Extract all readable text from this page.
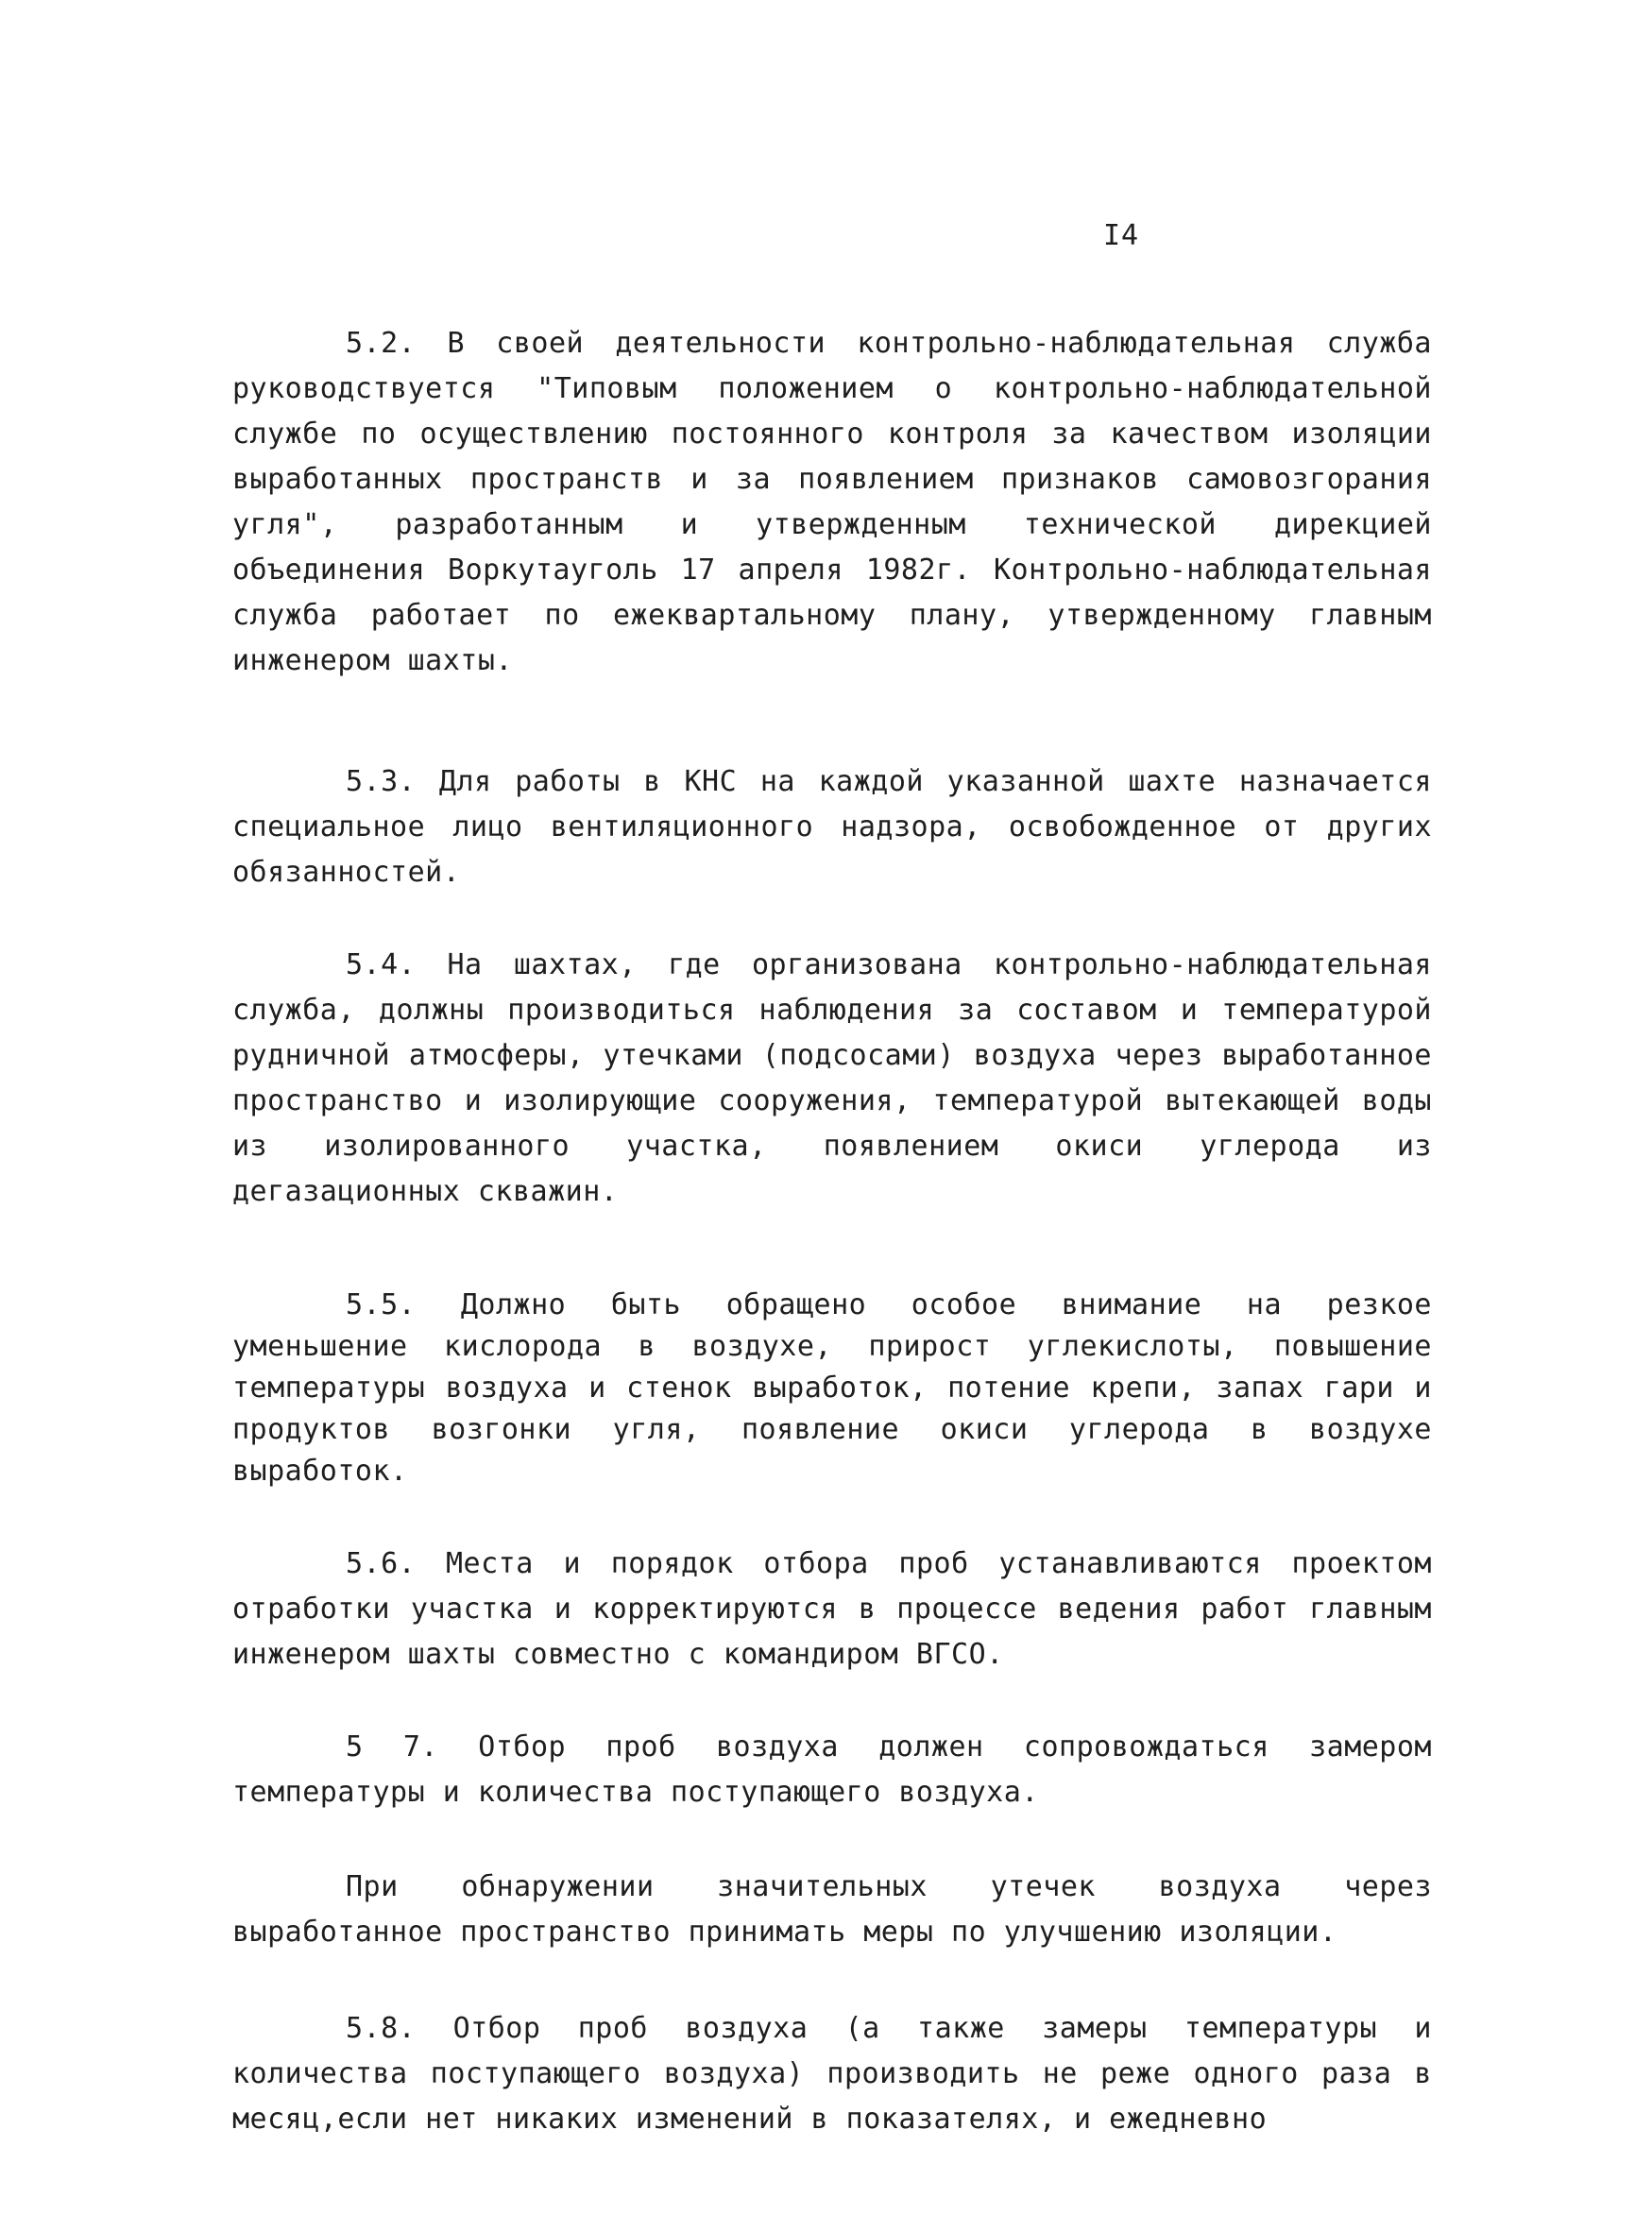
I4

5.2. В своей деятельности контрольно-наблюдательная служба руководствуется "Типовым положением о контрольно-наблюдательной службе по осуществлению постоянного контроля за качеством изоляции выработанных пространств и за появлением признаков самовозгорания угля", разработанным и утвержденным технической дирекцией объединения Воркутауголь 17 апреля 1982г. Контрольно-наблюдательная служба работает по ежеквартальному плану, утвержденному главным инженером шахты.

5.3. Для работы в КНС на каждой указанной шахте назначается специальное лицо вентиляционного надзора, освобожденное от других обязанностей.

5.4. На шахтах, где организована контрольно-наблюдательная служба, должны производиться наблюдения за составом и температурой рудничной атмосферы, утечками (подсосами) воздуха через выработанное пространство и изолирующие сооружения, температурой вытекающей воды из изолированного участка, появлением окиси углерода из дегазационных скважин.

5.5. Должно быть обращено особое внимание на резкое уменьшение кислорода в воздухе, прирост углекислоты, повышение температуры воздуха и стенок выработок, потение крепи, запах гари и продуктов возгонки угля, появление окиси углерода в воздухе выработок.

5.6. Места и порядок отбора проб устанавливаются проектом отработки участка и корректируются в процессе ведения работ главным инженером шахты совместно с командиром ВГСО.

5 7. Отбор проб воздуха должен сопровождаться замером температуры и количества поступающего воздуха.

При обнаружении значительных утечек воздуха через выработанное пространство принимать меры по улучшению изоляции.

5.8. Отбор проб воздуха (а также замеры температуры и количества поступающего воздуха) производить не реже одного раза в месяц,если нет никаких изменений в показателях, и ежедневно
